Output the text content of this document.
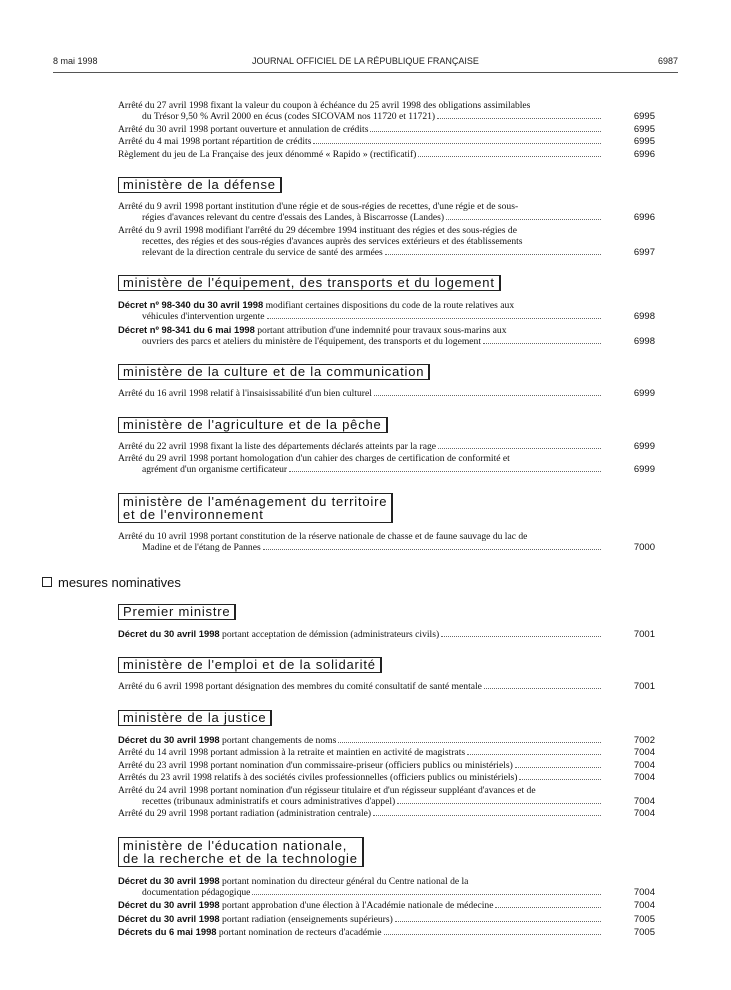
8 mai 1998	JOURNAL OFFICIEL DE LA RÉPUBLIQUE FRANÇAISE	6987
Arrêté du 27 avril 1998 fixant la valeur du coupon à échéance du 25 avril 1998 des obligations assimilables
du Trésor 9,50 % Avril 2000 en écus (codes SICOVAM nos 11720 et 11721)	6995
Arrêté du 30 avril 1998 portant ouverture et annulation de crédits	6995
Arrêté du 4 mai 1998 portant répartition de crédits	6995
Règlement du jeu de La Française des jeux dénommé « Rapido » (rectificatif)	6996
ministère de la défense
Arrêté du 9 avril 1998 portant institution d'une régie et de sous-régies de recettes, d'une régie et de sous-
régies d'avances relevant du centre d'essais des Landes, à Biscarrosse (Landes)	6996
Arrêté du 9 avril 1998 modifiant l'arrêté du 29 décembre 1994 instituant des régies et des sous-régies de
recettes, des régies et des sous-régies d'avances auprès des services extérieurs et des établissements
relevant de la direction centrale du service de santé des armées	6997
ministère de l'équipement, des transports et du logement
Décret nº 98-340 du 30 avril 1998 modifiant certaines dispositions du code de la route relatives aux
véhicules d'intervention urgente	6998
Décret nº 98-341 du 6 mai 1998 portant attribution d'une indemnité pour travaux sous-marins aux
ouvriers des parcs et ateliers du ministère de l'équipement, des transports et du logement	6998
ministère de la culture et de la communication
Arrêté du 16 avril 1998 relatif à l'insaisissabilité d'un bien culturel	6999
ministère de l'agriculture et de la pêche
Arrêté du 22 avril 1998 fixant la liste des départements déclarés atteints par la rage	6999
Arrêté du 29 avril 1998 portant homologation d'un cahier des charges de certification de conformité et
agrément d'un organisme certificateur	6999
ministère de l'aménagement du territoire
et de l'environnement
Arrêté du 10 avril 1998 portant constitution de la réserve nationale de chasse et de faune sauvage du lac de
Madine et de l'étang de Pannes	7000
mesures nominatives
Premier ministre
Décret du 30 avril 1998 portant acceptation de démission (administrateurs civils)	7001
ministère de l'emploi et de la solidarité
Arrêté du 6 avril 1998 portant désignation des membres du comité consultatif de santé mentale	7001
ministère de la justice
Décret du 30 avril 1998 portant changements de noms	7002
Arrêté du 14 avril 1998 portant admission à la retraite et maintien en activité de magistrats	7004
Arrêté du 23 avril 1998 portant nomination d'un commissaire-priseur (officiers publics ou ministériels)	7004
Arrêtés du 23 avril 1998 relatifs à des sociétés civiles professionnelles (officiers publics ou ministériels)	7004
Arrêté du 24 avril 1998 portant nomination d'un régisseur titulaire et d'un régisseur suppléant d'avances et de
recettes (tribunaux administratifs et cours administratives d'appel)	7004
Arrêté du 29 avril 1998 portant radiation (administration centrale)	7004
ministère de l'éducation nationale,
de la recherche et de la technologie
Décret du 30 avril 1998 portant nomination du directeur général du Centre national de la
documentation pédagogique	7004
Décret du 30 avril 1998 portant approbation d'une élection à l'Académie nationale de médecine	7004
Décret du 30 avril 1998 portant radiation (enseignements supérieurs)	7005
Décrets du 6 mai 1998 portant nomination de recteurs d'académie	7005
